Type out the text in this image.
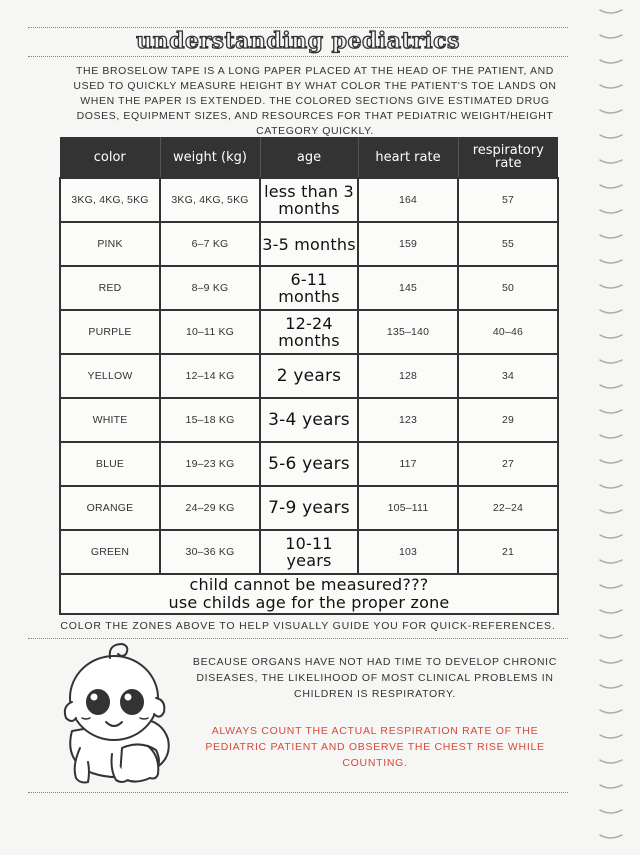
understanding pediatrics
THE BROSELOW TAPE IS A LONG PAPER PLACED AT THE HEAD OF THE PATIENT, AND USED TO QUICKLY MEASURE HEIGHT BY WHAT COLOR THE PATIENT'S TOE LANDS ON WHEN THE PAPER IS EXTENDED. THE COLORED SECTIONS GIVE ESTIMATED DRUG DOSES, EQUIPMENT SIZES, AND RESOURCES FOR THAT PEDIATRIC WEIGHT/HEIGHT CATEGORY QUICKLY.
color	weight (kg)	age	heart rate	respiratory rate
3KG, 4KG, 5KG	3KG, 4KG, 5KG	less than 3 months	164	57
PINK	6–7 KG	3-5 months	159	55
RED	8–9 KG	6-11 months	145	50
PURPLE	10–11 KG	12-24 months	135–140	40–46
YELLOW	12–14 KG	2 years	128	34
WHITE	15–18 KG	3-4 years	123	29
BLUE	19–23 KG	5-6 years	117	27
ORANGE	24–29 KG	7-9 years	105–111	22–24
GREEN	30–36 KG	10-11 years	103	21

child cannot be measured???
use childs age for the proper zone				
COLOR THE ZONES ABOVE TO HELP VISUALLY GUIDE YOU FOR QUICK-REFERENCES.
BECAUSE ORGANS HAVE NOT HAD TIME TO DEVELOP CHRONIC DISEASES, THE LIKELIHOOD OF MOST CLINICAL PROBLEMS IN CHILDREN IS RESPIRATORY.
ALWAYS COUNT THE ACTUAL RESPIRATION RATE OF THE PEDIATRIC PATIENT AND OBSERVE THE CHEST RISE WHILE COUNTING.
